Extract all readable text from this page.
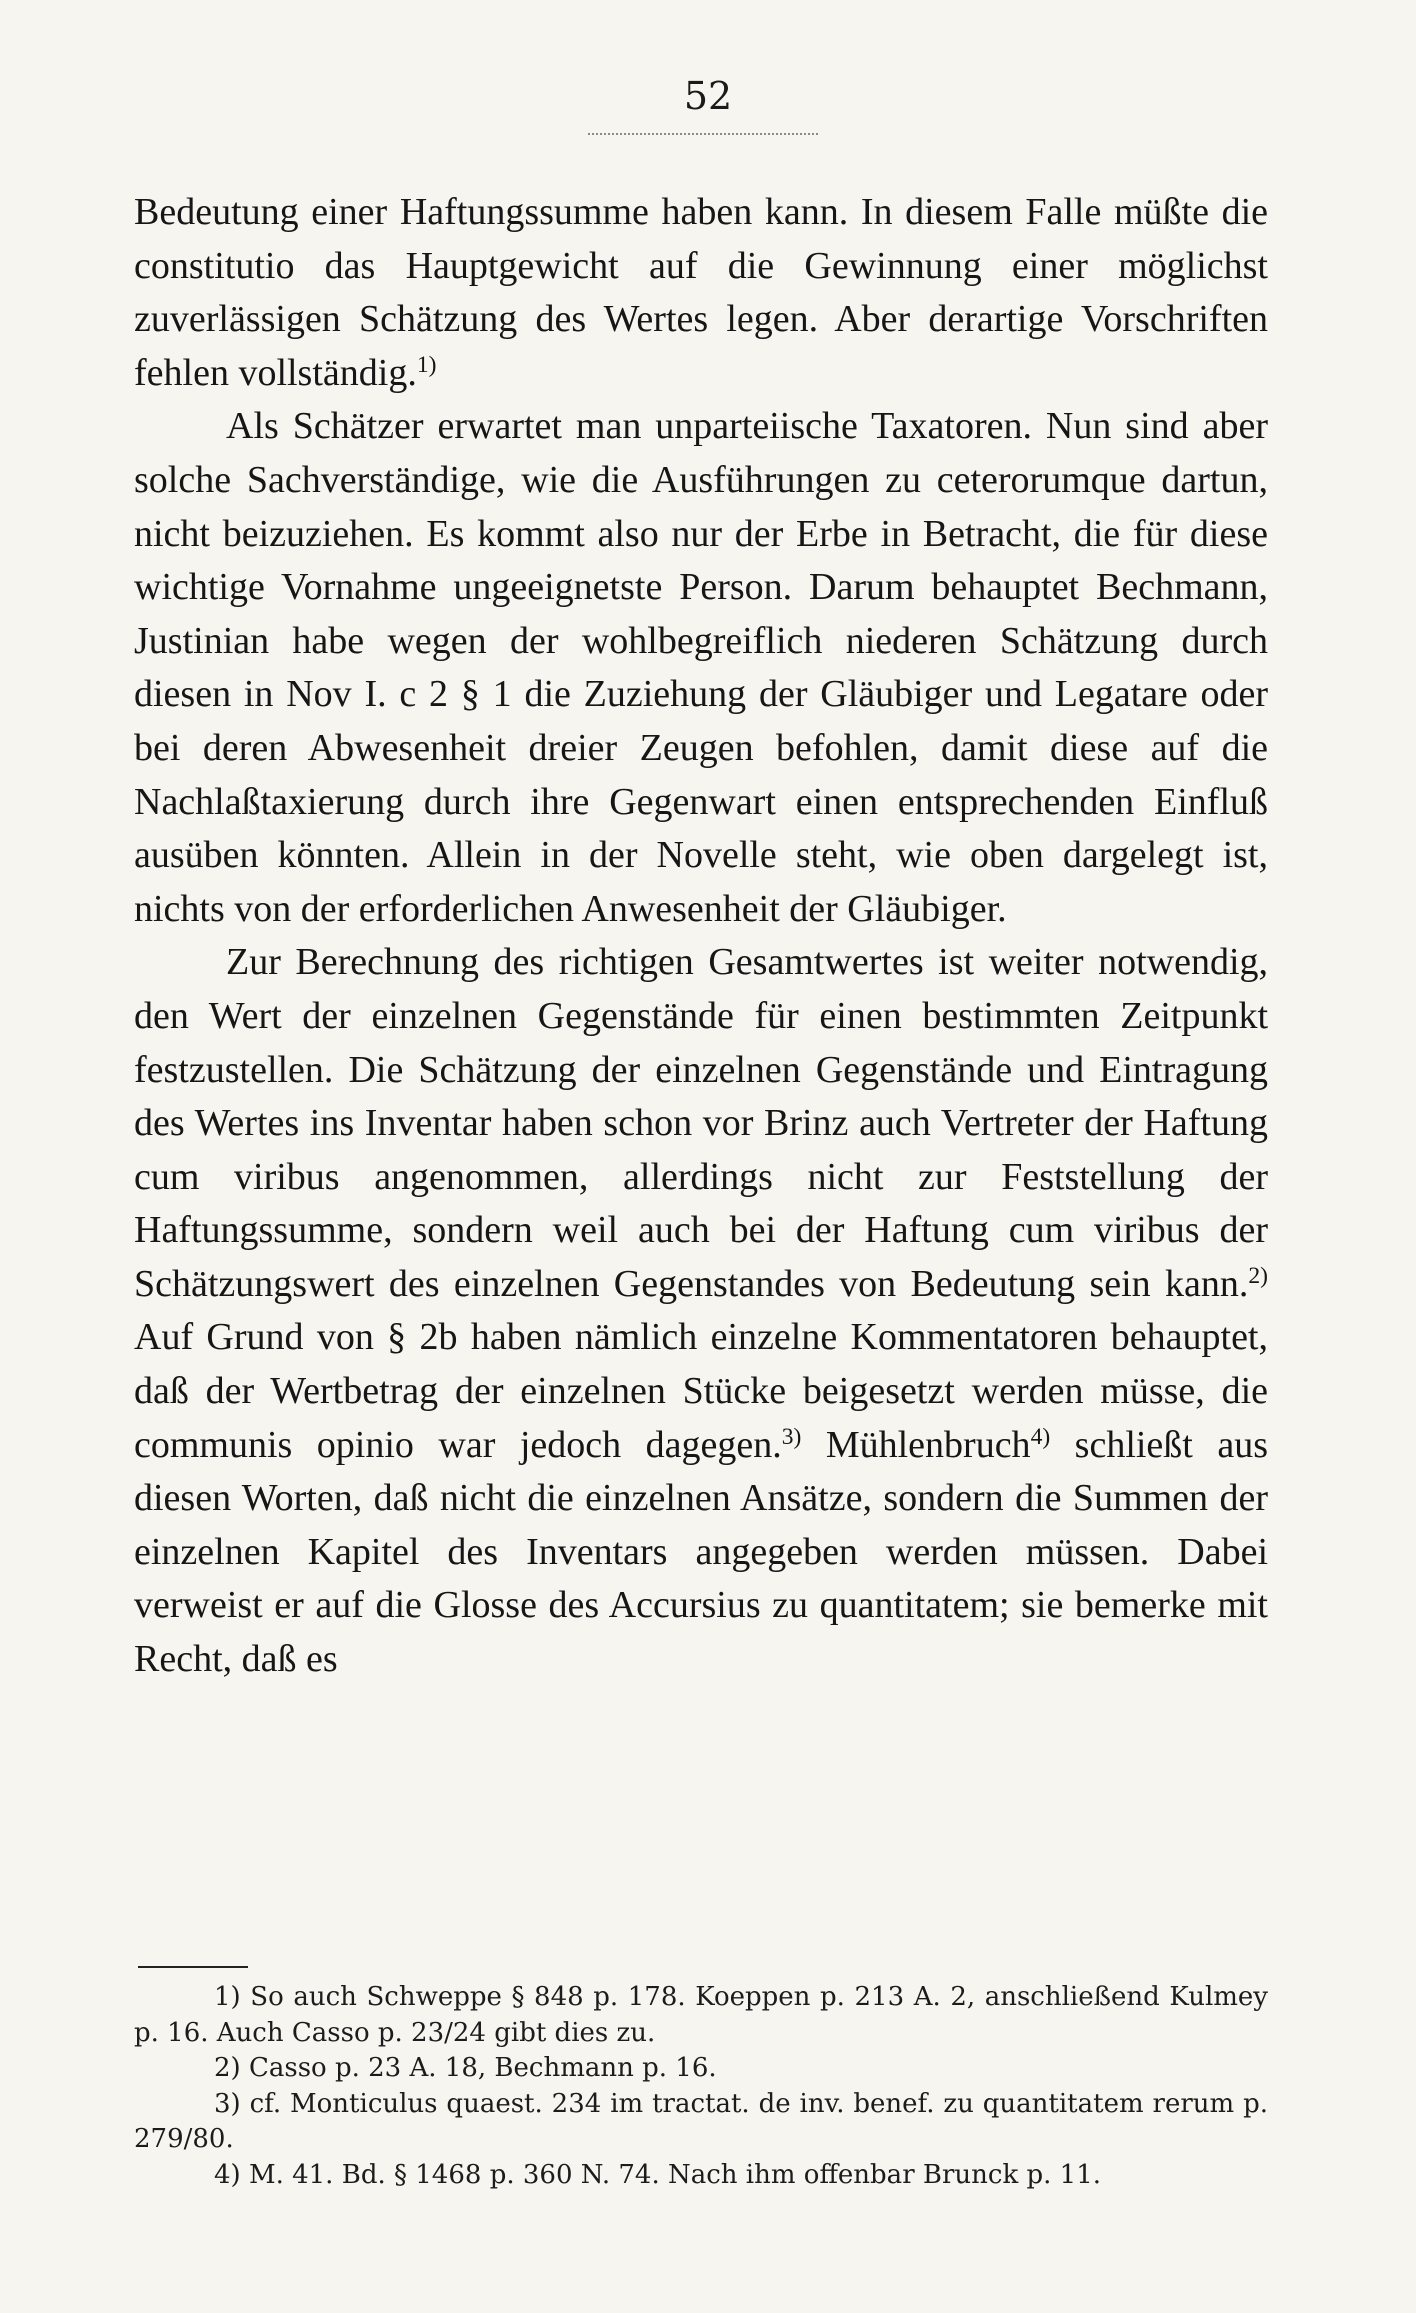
52

Bedeutung einer Haftungssumme haben kann. In diesem Falle müßte die constitutio das Hauptgewicht auf die Gewinnung einer möglichst zuverlässigen Schätzung des Wertes legen. Aber derartige Vorschriften fehlen vollständig.$^{1)}$

Als Schätzer erwartet man unparteiische Taxatoren. Nun sind aber solche Sachverständige, wie die Ausführungen zu ceterorumque dartun, nicht beizuziehen. Es kommt also nur der Erbe in Betracht, die für diese wichtige Vornahme ungeeignetste Person. Darum behauptet Bechmann, Justinian habe wegen der wohlbegreiflich niederen Schätzung durch diesen in Nov I. c 2 § 1 die Zuziehung der Gläubiger und Legatare oder bei deren Abwesenheit dreier Zeugen befohlen, damit diese auf die Nachlaßtaxierung durch ihre Gegenwart einen entsprechenden Einfluß ausüben könnten. Allein in der Novelle steht, wie oben dargelegt ist, nichts von der erforderlichen Anwesenheit der Gläubiger.

Zur Berechnung des richtigen Gesamtwertes ist weiter notwendig, den Wert der einzelnen Gegenstände für einen bestimmten Zeitpunkt festzustellen. Die Schätzung der einzelnen Gegenstände und Eintragung des Wertes ins Inventar haben schon vor Brinz auch Vertreter der Haftung cum viribus angenommen, allerdings nicht zur Feststellung der Haftungssumme, sondern weil auch bei der Haftung cum viribus der Schätzungswert des einzelnen Gegenstandes von Bedeutung sein kann.$^{2)}$ Auf Grund von § 2b haben nämlich einzelne Kommentatoren behauptet, daß der Wertbetrag der einzelnen Stücke beigesetzt werden müsse, die communis opinio war jedoch dagegen.$^{3)}$ Mühlenbruch$^{4)}$ schließt aus diesen Worten, daß nicht die einzelnen Ansätze, sondern die Summen der einzelnen Kapitel des Inventars angegeben werden müssen. Dabei verweist er auf die Glosse des Accursius zu quantitatem; sie bemerke mit Recht, daß es

1) So auch Schweppe § 848 p. 178. Koeppen p. 213 A. 2, anschließend Kulmey p. 16. Auch Casso p. 23/24 gibt dies zu.

2) Casso p. 23 A. 18, Bechmann p. 16.

3) cf. Monticulus quaest. 234 im tractat. de inv. benef. zu quantitatem rerum p. 279/80.

4) M. 41. Bd. § 1468 p. 360 N. 74. Nach ihm offenbar Brunck p. 11.
